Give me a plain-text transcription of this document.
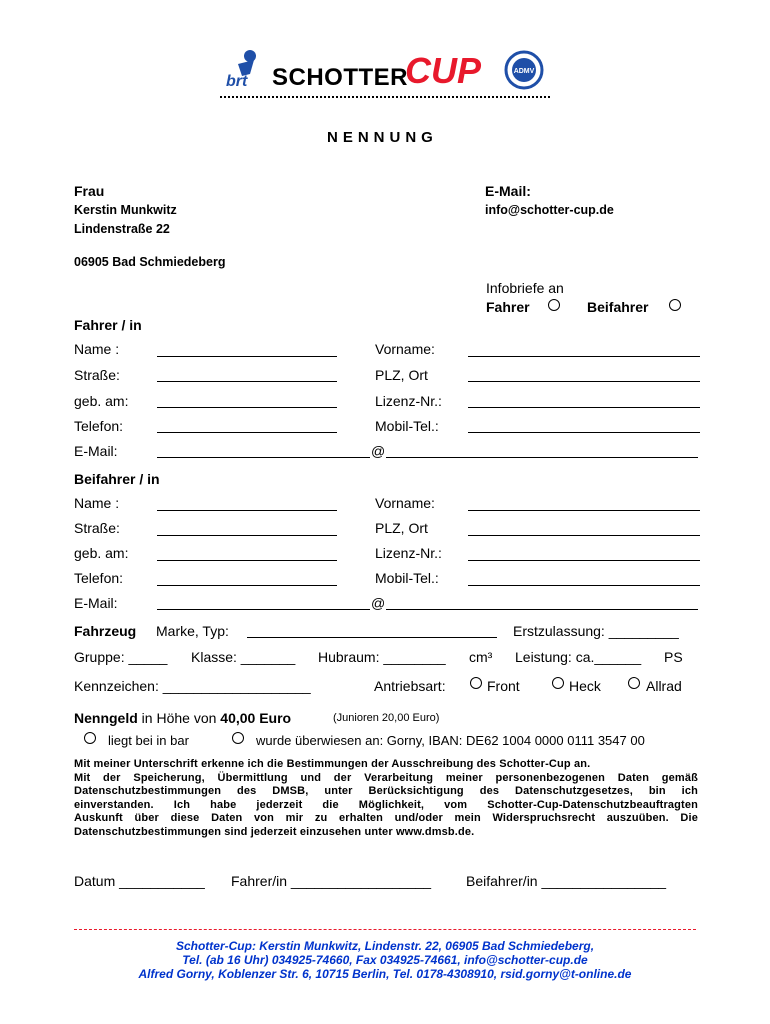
brt SCHOTTER
CUP	ADMV
NENNUNG
Frau
Kerstin Munkwitz
Lindenstraße 22
06905 Bad Schmiedeberg
E-Mail:
info@schotter-cup.de
Infobriefe an
Fahrer	Beifahrer
Fahrer / in
Name :	Vorname:
Straße:	PLZ, Ort
geb. am:	Lizenz-Nr.:
Telefon:	Mobil-Tel.:
E-Mail:	@
Beifahrer / in
Name :	Vorname:
Straße:	PLZ, Ort
geb. am:	Lizenz-Nr.:
Telefon:	Mobil-Tel.:
E-Mail:	@
Fahrzeug Marke, Typ:	Erstzulassung: _________
Gruppe: _____ Klasse: _______ Hubraum: ________ cm³ Leistung: ca.______ PS
Kennzeichen: ___________________	Antriebsart:	Front	Heck	Allrad
Nenngeld in Höhe von 40,00 Euro	(Junioren 20,00 Euro)
liegt bei in bar	wurde überwiesen an: Gorny, IBAN: DE62 1004 0000 0111 3547 00
Mit meiner Unterschrift erkenne ich die Bestimmungen der Ausschreibung des Schotter-Cup an.
Mit der Speicherung, Übermittlung und der Verarbeitung meiner personenbezogenen Daten gemäß
Datenschutzbestimmungen des DMSB, unter Berücksichtigung des Datenschutzgesetzes, bin ich
einverstanden. Ich habe jederzeit die Möglichkeit, vom Schotter-Cup-Datenschutzbeauftragten
Auskunft über diese Daten von mir zu erhalten und/oder mein Widerspruchsrecht auszuüben. Die
Datenschutzbestimmungen sind jederzeit einzusehen unter www.dmsb.de.
Datum ___________ Fahrer/in __________________ Beifahrer/in ________________
Schotter-Cup: Kerstin Munkwitz, Lindenstr. 22, 06905 Bad Schmiedeberg,
Tel. (ab 16 Uhr) 034925-74660, Fax 034925-74661, info@schotter-cup.de
Alfred Gorny, Koblenzer Str. 6, 10715 Berlin, Tel. 0178-4308910, rsid.gorny@t-online.de
